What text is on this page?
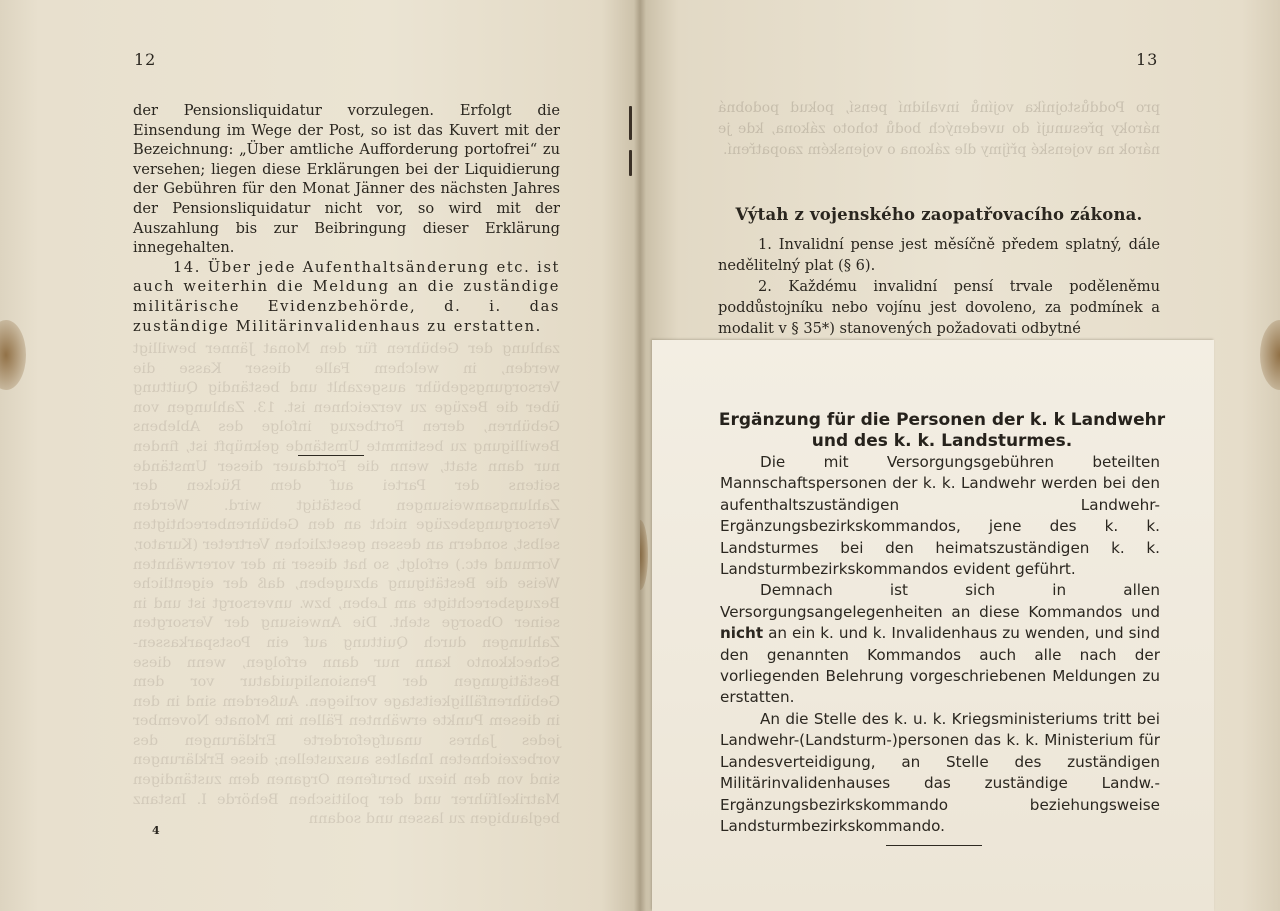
12
zahlung der Gebühren für den Monat Jänner bewilligt werden, in welchem Falle dieser Kasse die Versorgungsgebühr ausgezahlt und beständig Quittung über die Bezüge zu verzeichnen ist. 13. Zahlungen von Gebühren, deren Fortbezug infolge des Ablebens Bewilligung zu bestimmte Umstände geknüpft ist, finden nur dann statt, wenn die Fortdauer dieser Umstände seitens der Partei auf dem Rücken der Zahlungsanweisungen bestätigt wird. Werden Versorgungsbezüge nicht an den Gebührenberechtigten selbst, sondern an dessen gesetzlichen Vertreter (Kurator, Vormund etc.) erfolgt, so hat dieser in der vorerwähnten Weise die Bestätigung abzugeben, daß der eigentliche Bezugsberechtigte am Leben, bzw. unversorgt ist und in seiner Obsorge steht. Die Anweisung der Versorgten Zahlungen durch Quittung auf ein Postsparkassen-Scheckkonto kann nur dann erfolgen, wenn diese Bestätigungen der Pensionsliquidatur vor dem Gebührenfälligkeitstage vorliegen. Außerdem sind in den in diesem Punkte erwähnten Fällen im Monate November jedes Jahres unaufgeforderte Erklärungen des vorbezeichneten Inhaltes auszustellen; diese Erklärungen sind von den hiezu berufenen Organen dem zuständigen Matrikelführer und der politischen Behörde I. Instanz beglaubigen zu lassen und sodann

der Pensionsliquidatur vorzulegen. Erfolgt die Einsendung im Wege der Post, so ist das Kuvert mit der Bezeichnung: „Über amtliche Aufforderung portofrei“ zu versehen; liegen diese Erklärungen bei der Liquidierung der Gebühren für den Monat Jänner des nächsten Jahres der Pensionsliquidatur nicht vor, so wird mit der Auszahlung bis zur Beibringung dieser Erklärung innegehalten.

14. Über jede Aufenthaltsänderung etc. ist auch weiterhin die Meldung an die zuständige militärische Evidenzbehörde, d. i. das zuständige Militärinvalidenhaus zu erstatten.

4
13
pro Poddůstojníka vojínů invalidní pensí, pokud podobná nároky přesunují do uvedených bodů tohoto zákona, kde je nárok na vojenské příjmy dle zákona o vojenském zaopatření.
Výtah z vojenského zaopatřovacího zákona.

1. Invalidní pense jest měsíčně předem splatný, dále nedělitelný plat (§ 6).

2. Každému invalidní pensí trvale poděleněmu poddůstojníku nebo vojínu jest dovoleno, za podmínek a modalit v § 35*) stanovených požadovati odbytné

Ergänzung für die Personen der k. k Landwehr
und des k. k. Landsturmes.

Die mit Versorgungsgebühren beteilten Mannschaftspersonen der k. k. Landwehr werden bei den aufenthaltszuständigen Landwehr-Ergänzungsbezirkskommandos, jene des k. k. Landsturmes bei den heimatszuständigen k. k. Landsturmbezirkskommandos evident geführt.

Demnach ist sich in allen Versorgungsangelegenheiten an diese Kommandos und nicht an ein k. und k. Invalidenhaus zu wenden, und sind den genannten Kommandos auch alle nach der vorliegenden Belehrung vorgeschriebenen Meldungen zu erstatten.

An die Stelle des k. u. k. Kriegsministeriums tritt bei Landwehr-(Landsturm-)personen das k. k. Ministerium für Landesverteidigung, an Stelle des zuständigen Militärinvalidenhauses das zuständige Landw.-Ergänzungsbezirkskommando beziehungsweise Landsturmbezirkskommando.
